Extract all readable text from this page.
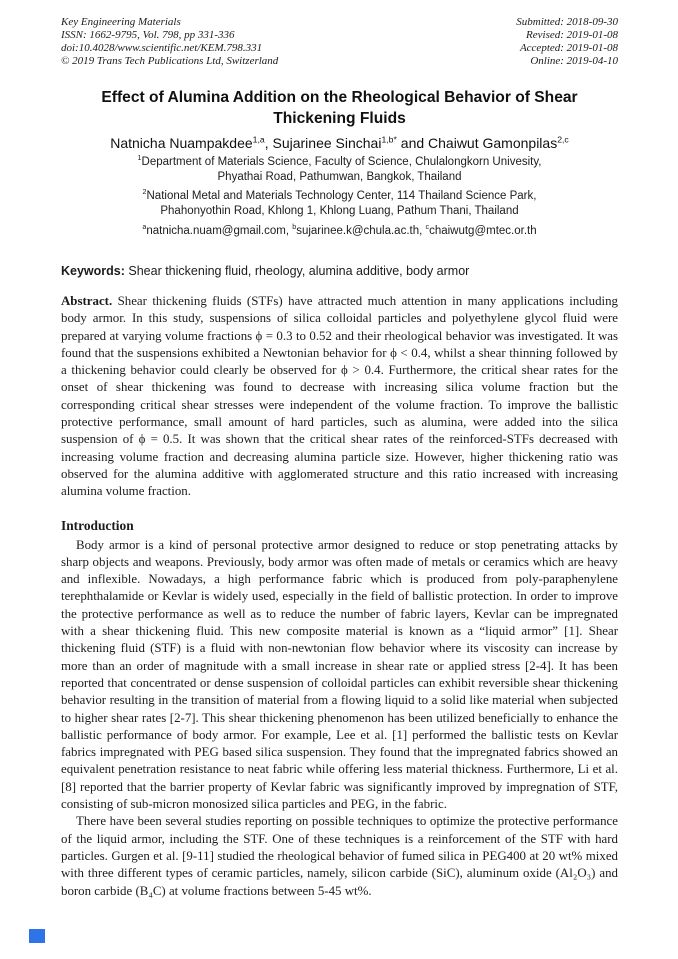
Key Engineering Materials
ISSN: 1662-9795, Vol. 798, pp 331-336
doi:10.4028/www.scientific.net/KEM.798.331
© 2019 Trans Tech Publications Ltd, Switzerland
Submitted: 2018-09-30
Revised: 2019-01-08
Accepted: 2019-01-08
Online: 2019-04-10
Effect of Alumina Addition on the Rheological Behavior of Shear
Thickening Fluids
Natnicha Nuampakdee$^{1,a}$, Sujarinee Sinchai$^{1,b*}$ and Chaiwut Gamonpilas$^{2,c}$
$^1$Department of Materials Science, Faculty of Science, Chulalongkorn Univesity,
Phyathai Road, Pathumwan, Bangkok, Thailand
$^2$National Metal and Materials Technology Center, 114 Thailand Science Park,
Phahonyothin Road, Khlong 1, Khlong Luang, Pathum Thani, Thailand
$^a$natnicha.nuam@gmail.com, $^b$sujarinee.k@chula.ac.th, $^c$chaiwutg@mtec.or.th
Keywords: Shear thickening fluid, rheology, alumina additive, body armor

Abstract. Shear thickening fluids (STFs) have attracted much attention in many applications including body armor. In this study, suspensions of silica colloidal particles and polyethylene glycol fluid were prepared at varying volume fractions ϕ = 0.3 to 0.52 and their rheological behavior was investigated. It was found that the suspensions exhibited a Newtonian behavior for ϕ < 0.4, whilst a shear thinning followed by a thickening behavior could clearly be observed for ϕ > 0.4. Furthermore, the critical shear rates for the onset of shear thickening was found to decrease with increasing silica volume fraction but the corresponding critical shear stresses were independent of the volume fraction. To improve the ballistic protective performance, small amount of hard particles, such as alumina, were added into the silica suspension of ϕ = 0.5. It was shown that the critical shear rates of the reinforced-STFs decreased with increasing volume fraction and decreasing alumina particle size. However, higher thickening ratio was observed for the alumina additive with agglomerated structure and this ratio increased with increasing alumina volume fraction.

Introduction

Body armor is a kind of personal protective armor designed to reduce or stop penetrating attacks by sharp objects and weapons. Previously, body armor was often made of metals or ceramics which are heavy and inflexible. Nowadays, a high performance fabric which is produced from poly-paraphenylene terephthalamide or Kevlar is widely used, especially in the field of ballistic protection. In order to improve the protective performance as well as to reduce the number of fabric layers, Kevlar can be impregnated with a shear thickening fluid. This new composite material is known as a “liquid armor” [1]. Shear thickening fluid (STF) is a fluid with non-newtonian flow behavior where its viscosity can increase by more than an order of magnitude with a small increase in shear rate or applied stress [2-4]. It has been reported that concentrated or dense suspension of colloidal particles can exhibit reversible shear thickening behavior resulting in the transition of material from a flowing liquid to a solid like material when subjected to higher shear rates [2-7]. This shear thickening phenomenon has been utilized beneficially to enhance the ballistic performance of body armor. For example, Lee et al. [1] performed the ballistic tests on Kevlar fabrics impregnated with PEG based silica suspension. They found that the impregnated fabrics showed an equivalent penetration resistance to neat fabric while offering less material thickness. Furthermore, Li et al. [8] reported that the barrier property of Kevlar fabric was significantly improved by impregnation of STF, consisting of sub-micron monosized silica particles and PEG, in the fabric.

There have been several studies reporting on possible techniques to optimize the protective performance of the liquid armor, including the STF. One of these techniques is a reinforcement of the STF with hard particles. Gurgen et al. [9-11] studied the rheological behavior of fumed silica in PEG400 at 20 wt% mixed with three different types of ceramic particles, namely, silicon carbide (SiC), aluminum oxide (Al₂O₃) and boron carbide (B₄C) at volume fractions between 5-45 wt%.
